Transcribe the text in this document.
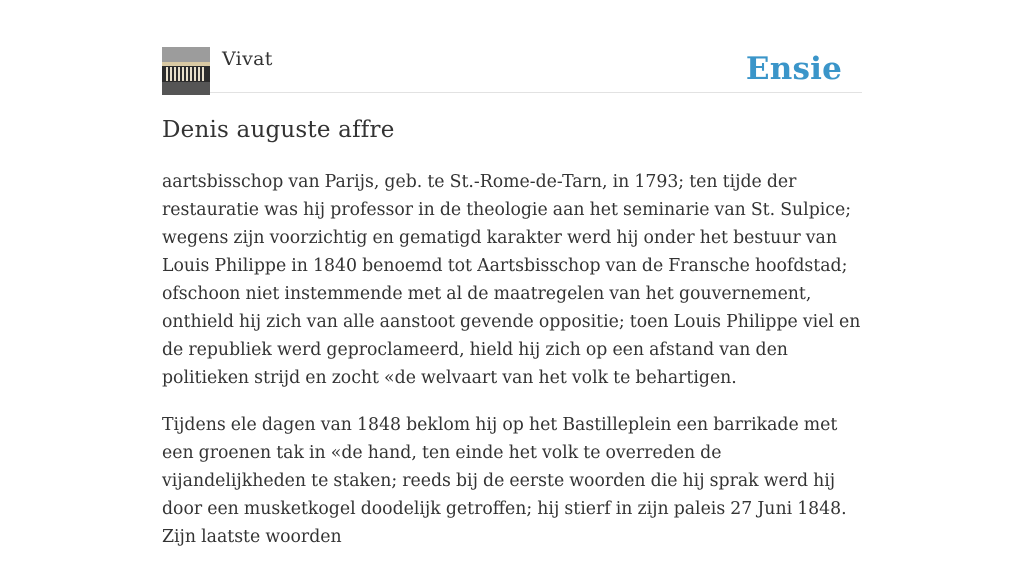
Vivat	Ensie
Denis auguste affre

aartsbisschop van Parijs, geb. te St.-Rome-de-Tarn, in 1793; ten tijde der restauratie was hij professor in de theologie aan het seminarie van St. Sulpice; wegens zijn voorzichtig en gematigd karakter werd hij onder het bestuur van Louis Philippe in 1840 benoemd tot Aartsbisschop van de Fransche hoofdstad; ofschoon niet instemmende met al de maatregelen van het gouvernement, onthield hij zich van alle aanstoot gevende oppositie; toen Louis Philippe viel en de republiek werd geproclameerd, hield hij zich op een afstand van den politieken strijd en zocht «de welvaart van het volk te behartigen.

Tijdens ele dagen van 1848 beklom hij op het Bastilleplein een barrikade met een groenen tak in «de hand, ten einde het volk te overreden de vijandelijkheden te staken; reeds bij de eerste woorden die hij sprak werd hij door een musketkogel doodelijk getroffen; hij stierf in zijn paleis 27 Juni 1848. Zijn laatste woorden
